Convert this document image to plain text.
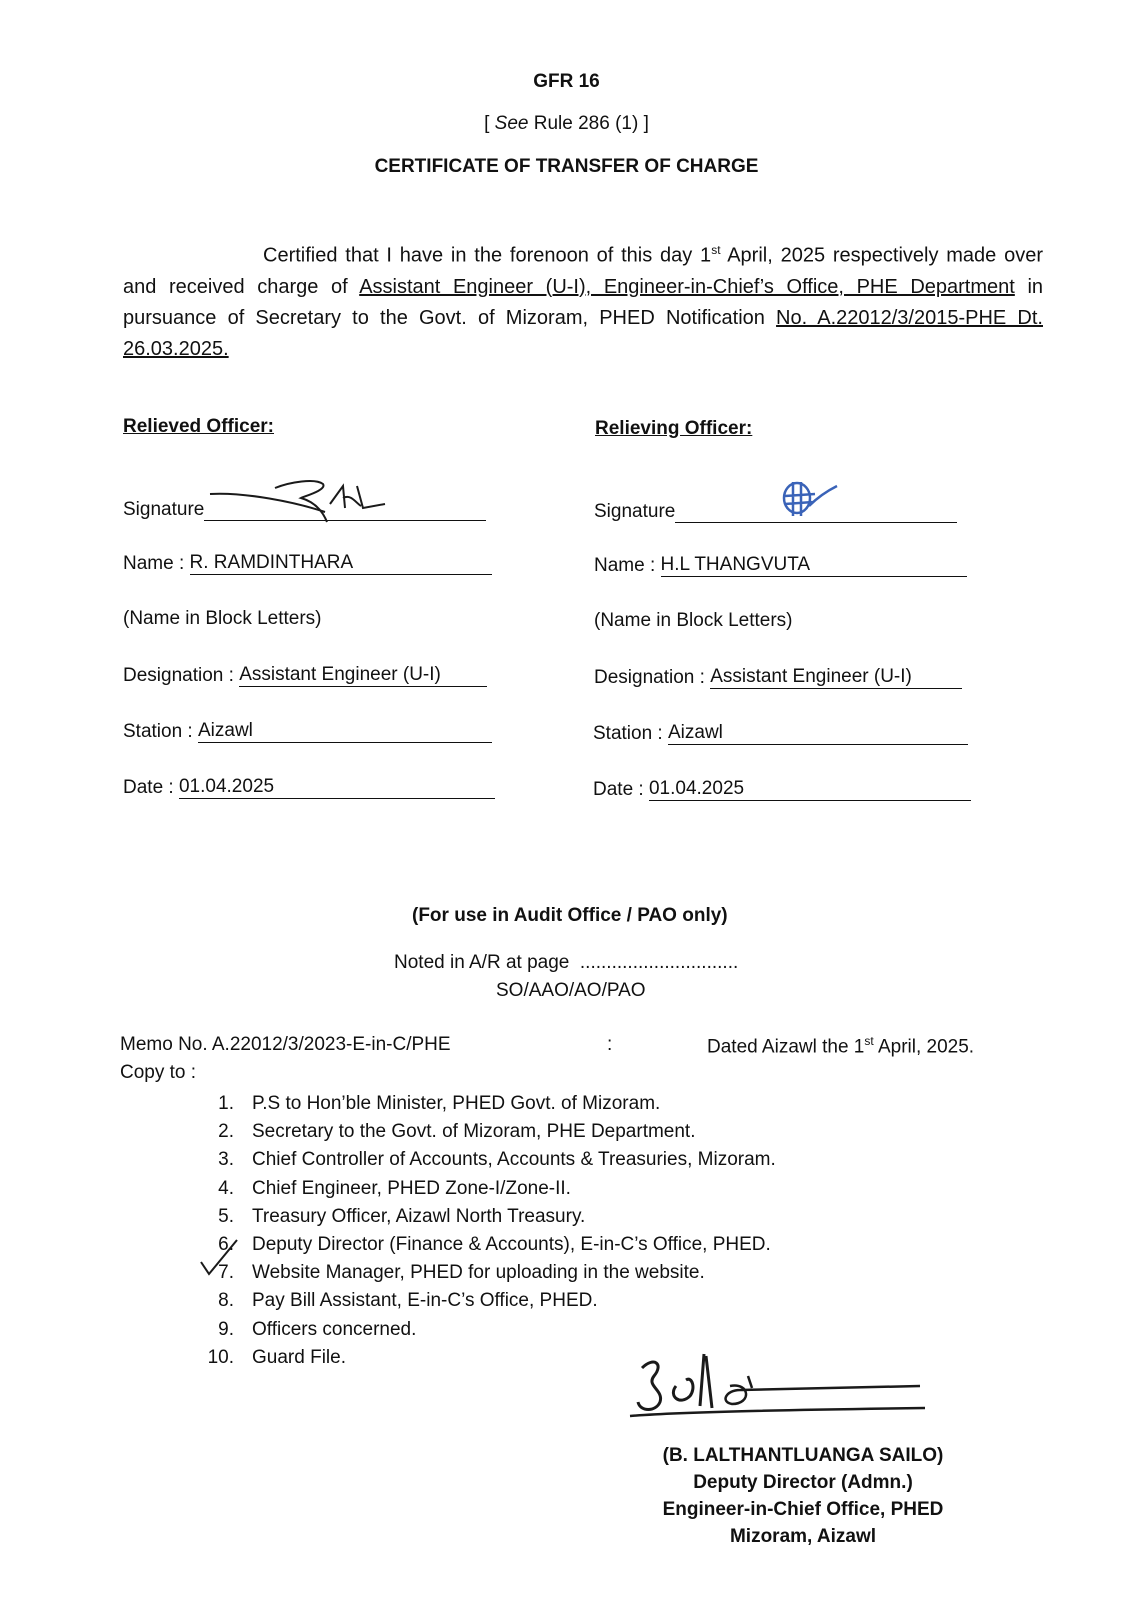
GFR 16
[ See Rule 286 (1) ]
CERTIFICATE OF TRANSFER OF CHARGE
Certified that I have in the forenoon of this day 1st April, 2025 respectively made over and received charge of Assistant Engineer (U-I), Engineer-in-Chief’s Office, PHE Department in pursuance of Secretary to the Govt. of Mizoram, PHED Notification No. A.22012/3/2015-PHE Dt. 26.03.2025.
Relieved Officer:
Signature
Name : R. RAMDINTHARA
(Name in Block Letters)
Designation : Assistant Engineer (U-I)
Station : Aizawl
Date : 01.04.2025
Relieving Officer:
Signature
Name : H.L THANGVUTA
(Name in Block Letters)
Designation : Assistant Engineer (U-I)
Station : Aizawl
Date : 01.04.2025
(For use in Audit Office / PAO only)
Noted in A/R at page  ..............................
SO/AAO/AO/PAO
Memo No. A.22012/3/2023-E-in-C/PHE	:	Dated Aizawl the 1st April, 2025.
Copy to :
1. P.S to Hon’ble Minister, PHED Govt. of Mizoram.
2. Secretary to the Govt. of Mizoram, PHE Department.
3. Chief Controller of Accounts, Accounts & Treasuries, Mizoram.
4. Chief Engineer, PHED Zone-I/Zone-II.
5. Treasury Officer, Aizawl North Treasury.
6. Deputy Director (Finance & Accounts), E-in-C’s Office, PHED.
7. Website Manager, PHED for uploading in the website.
8. Pay Bill Assistant, E-in-C’s Office, PHED.
9. Officers concerned.
10. Guard File.
(B. LALTHANTLUANGA SAILO)
Deputy Director (Admn.)
Engineer-in-Chief Office, PHED
Mizoram, Aizawl
